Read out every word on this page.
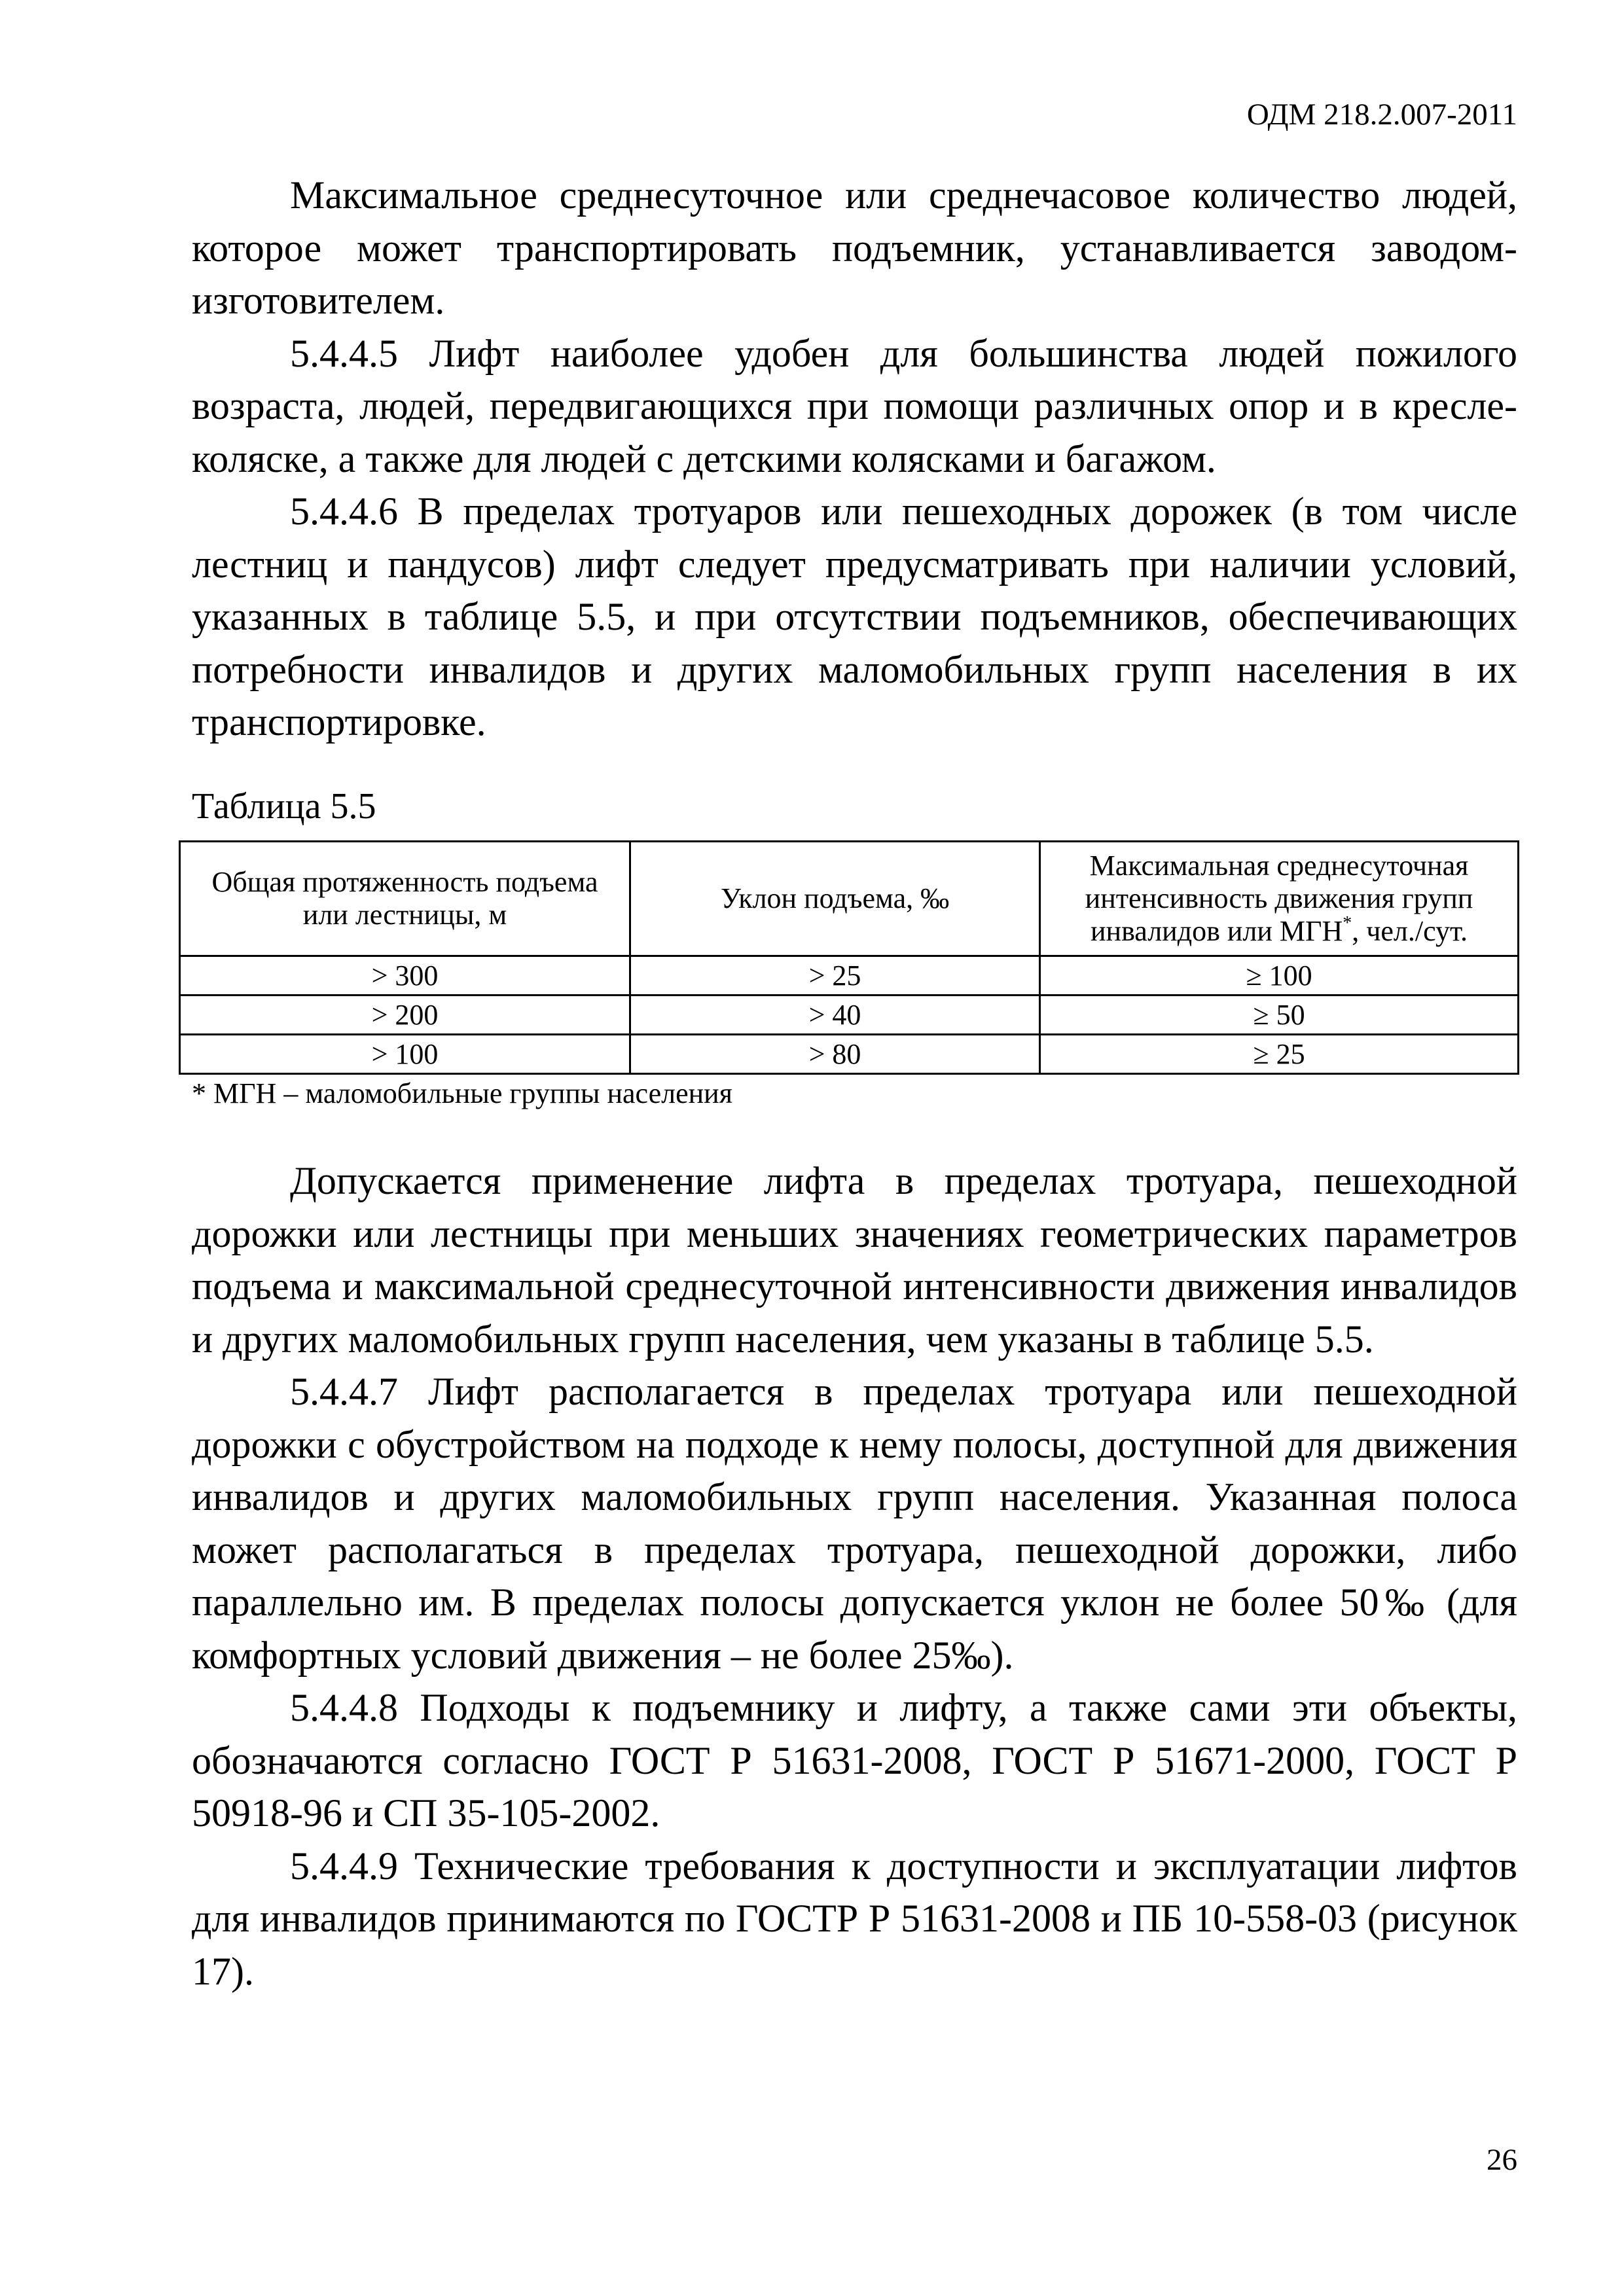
ОДМ 218.2.007-2011

Максимальное среднесуточное или среднечасовое количество людей, которое может транспортировать подъемник, устанавливается заводом-изготовителем.

5.4.4.5 Лифт наиболее удобен для большинства людей пожилого возраста, людей, передвигающихся при помощи различных опор и в кресле-коляске, а также для людей с детскими колясками и багажом.

5.4.4.6 В пределах тротуаров или пешеходных дорожек (в том числе лестниц и пандусов) лифт следует предусматривать при наличии условий, указанных в таблице 5.5, и при отсутствии подъемников, обеспечивающих потребности инвалидов и других маломобильных групп населения в их транспортировке.

Таблица 5.5
Общая протяженность подъема или лестницы, м	Уклон подъема, ‰	Максимальная среднесуточная интенсивность движения групп инвалидов или МГН*, чел./сут.
> 300	> 25	≥ 100
> 200	> 40	≥ 50
> 100	> 80	≥ 25
* МГН – маломобильные группы населения

Допускается применение лифта в пределах тротуара, пешеходной дорожки или лестницы при меньших значениях геометрических параметров подъема и максимальной среднесуточной интенсивности движения инвалидов и других маломобильных групп населения, чем указаны в таблице 5.5.

5.4.4.7 Лифт располагается в пределах тротуара или пешеходной дорожки с обустройством на подходе к нему полосы, доступной для движения инвалидов и других маломобильных групп населения. Указанная полоса может располагаться в пределах тротуара, пешеходной дорожки, либо параллельно им. В пределах полосы допускается уклон не более 50‰ (для комфортных условий движения – не более 25‰).

5.4.4.8 Подходы к подъемнику и лифту, а также сами эти объекты, обозначаются согласно ГОСТ Р 51631-2008, ГОСТ Р 51671-2000, ГОСТ Р 50918-96 и СП 35-105-2002.

5.4.4.9 Технические требования к доступности и эксплуатации лифтов для инвалидов принимаются по ГОСТР Р 51631-2008 и ПБ 10-558-03 (рисунок 17).

26
